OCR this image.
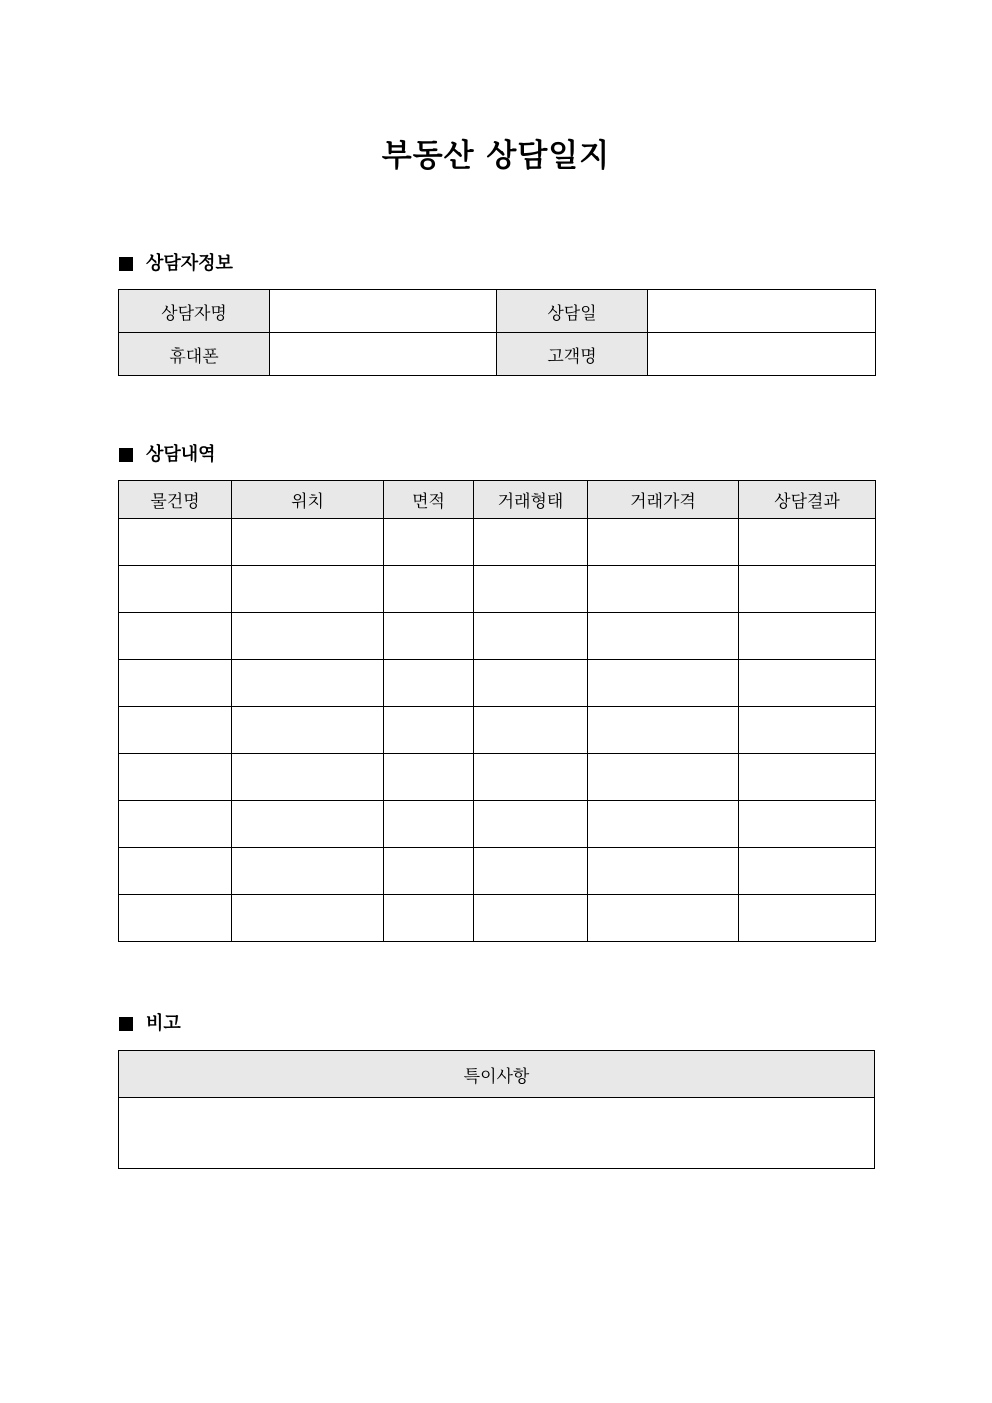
부동산 상담일지
상담자정보
상담자명		상담일	
휴대폰		고객명	
상담내역
물건명	위치	면적	거래형태	거래가격	상담결과

비고
특이사항
